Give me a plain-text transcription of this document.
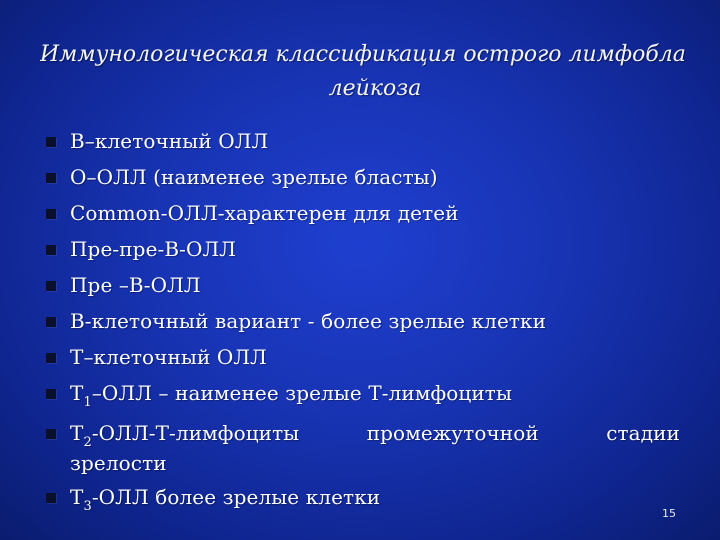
Иммунологическая классификация острого лимфобла
лейкоза
В–клеточный ОЛЛ
О–ОЛЛ (наименее зрелые бласты)
Common-ОЛЛ-характерен для детей
Пре-пре-В-ОЛЛ
Пре –В-ОЛЛ
В-клеточный вариант - более зрелые клетки
Т–клеточный ОЛЛ
$Т_1$–ОЛЛ – наименее зрелые Т-лимфоциты
$Т_2-ОЛЛ-Т$-лимфоциты	промежуточной	стадии
зрелости
$Т_3$-ОЛЛ более зрелые клетки
15
